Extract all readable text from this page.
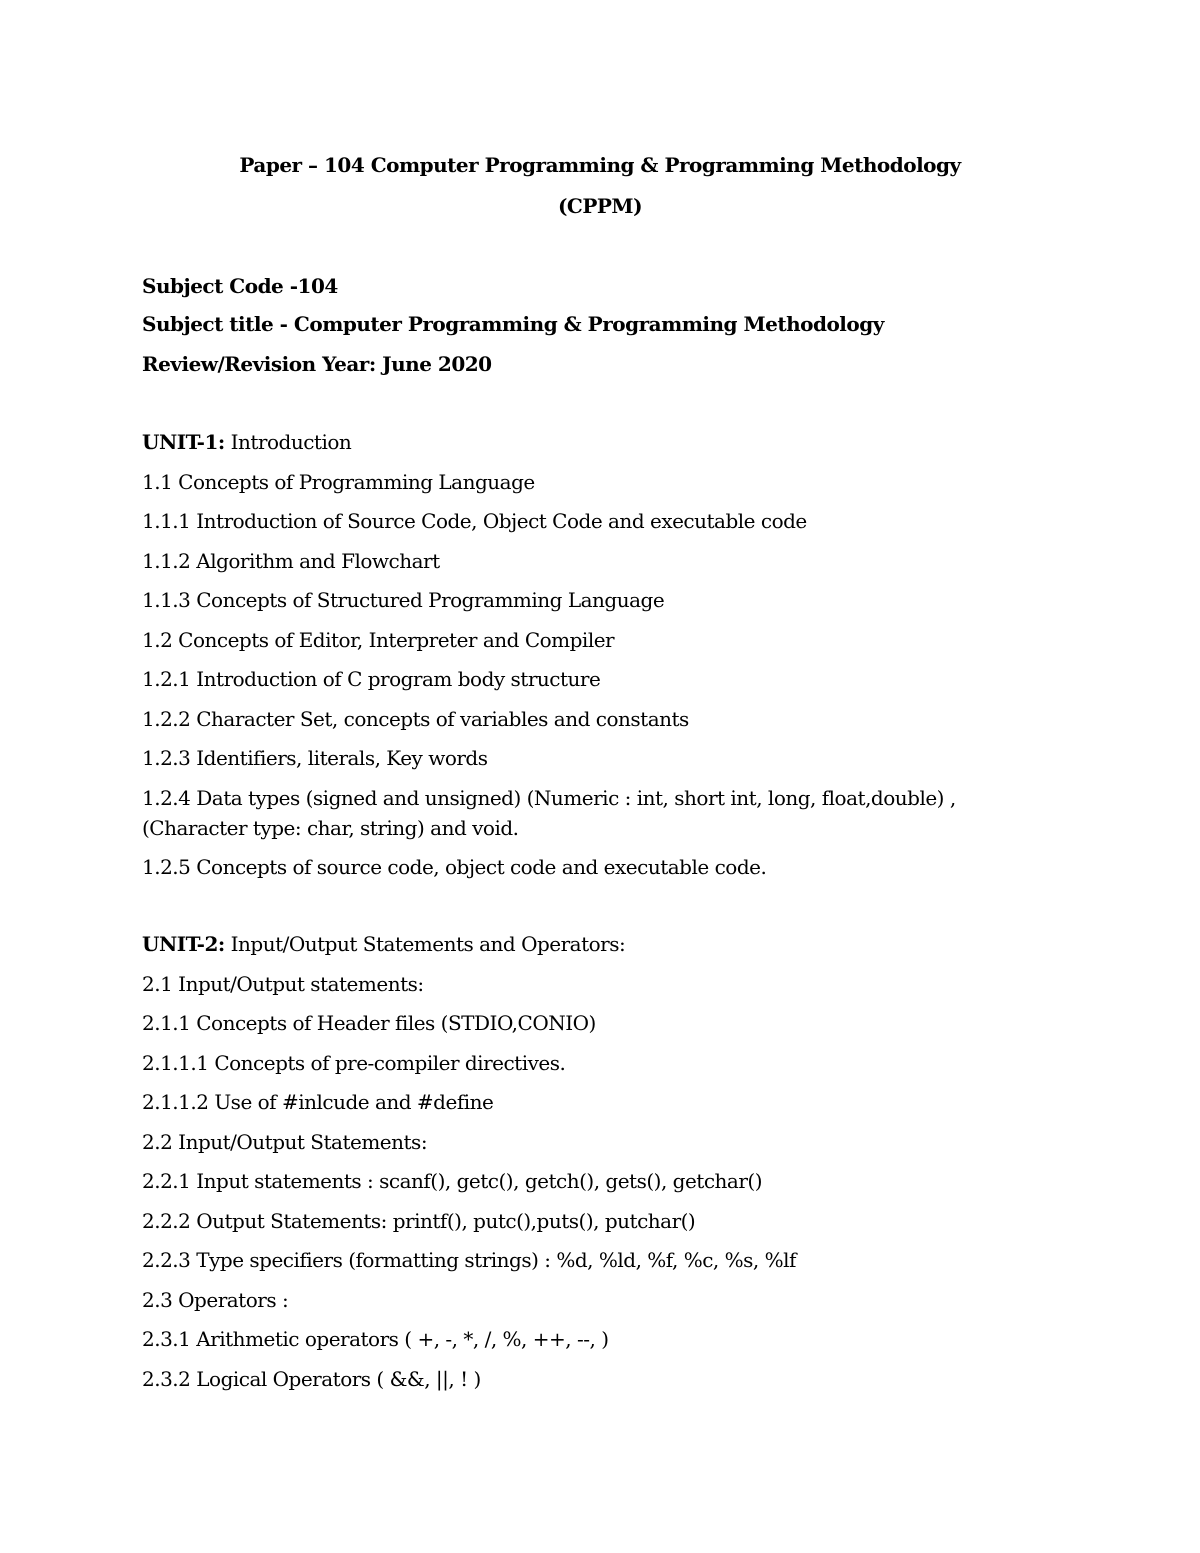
Paper – 104 Computer Programming & Programming Methodology
(CPPM)
Subject Code -104
Subject title - Computer Programming & Programming Methodology
Review/Revision Year: June 2020
UNIT-1: Introduction
1.1 Concepts of Programming Language
1.1.1 Introduction of Source Code, Object Code and executable code
1.1.2 Algorithm and Flowchart
1.1.3 Concepts of Structured Programming Language
1.2 Concepts of Editor, Interpreter and Compiler
1.2.1 Introduction of C program body structure
1.2.2 Character Set, concepts of variables and constants
1.2.3 Identifiers, literals, Key words
1.2.4 Data types (signed and unsigned) (Numeric : int, short int, long, float,double) , (Character type: char, string) and void.
1.2.5 Concepts of source code, object code and executable code.
UNIT-2: Input/Output Statements and Operators:
2.1 Input/Output statements:
2.1.1 Concepts of Header files (STDIO,CONIO)
2.1.1.1 Concepts of pre-compiler directives.
2.1.1.2 Use of #inlcude and #define
2.2 Input/Output Statements:
2.2.1 Input statements : scanf(), getc(), getch(), gets(), getchar()
2.2.2 Output Statements: printf(), putc(),puts(), putchar()
2.2.3 Type specifiers (formatting strings) : %d, %ld, %f, %c, %s, %lf
2.3 Operators :
2.3.1 Arithmetic operators ( +, -, *, /, %, ++, --, )
2.3.2 Logical Operators ( &&, ||, ! )
